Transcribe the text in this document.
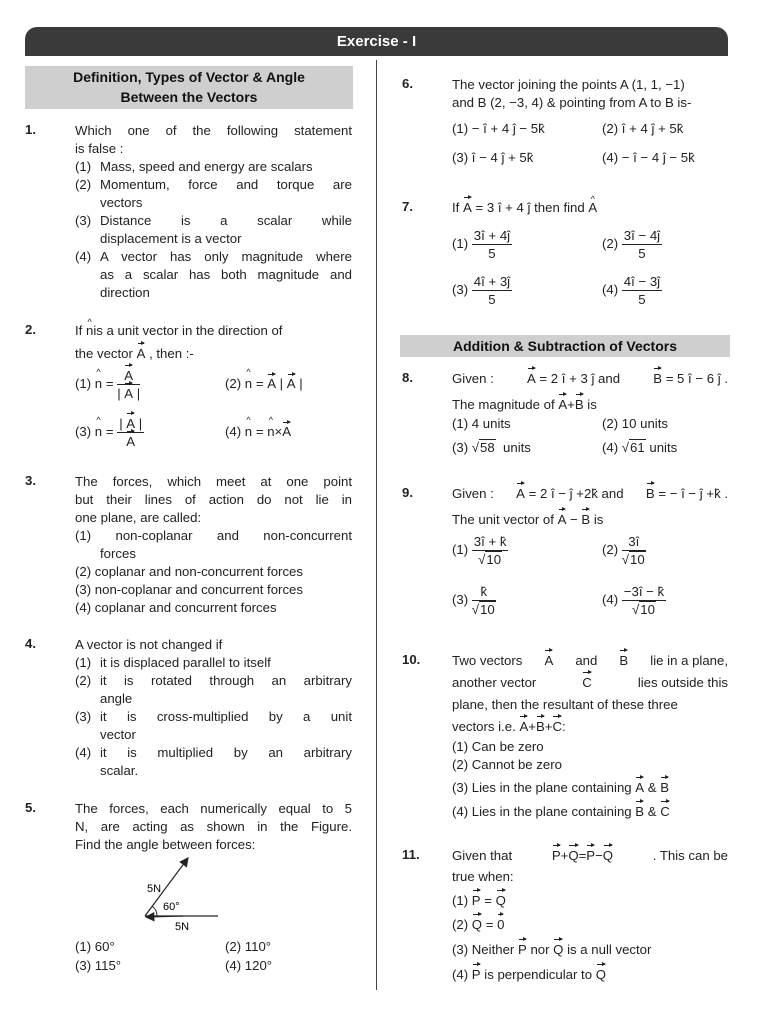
Exercise - I
Definition, Types of Vector & Angle
Between the Vectors
1.	Which one of the following statement
is false :
(1) Mass, speed and energy are scalars
(2) Momentum, force and torque are
vectors
(3) Distance is a scalar while
displacement is a vector
(4) A vector has only magnitude where
as a scalar has both magnitude and
direction
2.	If n ^is a unit vector in the direction of
the vector A , then :-
(1) n ^ = $\frac{A}{| A |}$	(2) n ^ = A | A |
(3) n ^ = $\frac{| A |}{A}$	(4) n ^ = n ^×A
3.	The forces, which meet at one point
but their lines of action do not lie in
one plane, are called:
(1) non-coplanar and non-concurrent
forces
(2) coplanar and non-concurrent forces
(3) non-coplanar and concurrent forces
(4) coplanar and concurrent forces
4.	A vector is not changed if
(1) it is displaced parallel to itself
(2) it is rotated through an arbitrary
angle
(3) it is cross-multiplied by a unit
vector
(4) it is multiplied by an arbitrary
scalar.
5.	The forces, each numerically equal to 5
N, are acting as shown in the Figure.
Find the angle between forces:
5N
60°
5N
(1) 60°	(2) 110°
(3) 115°	(4) 120°
6.	The vector joining the points A (1, 1, −1)
and B (2, −3, 4) & pointing from A to B is-
(1) − î + 4 ĵ − 5k̂	(2) î + 4 ĵ + 5k̂
(3) î − 4 ĵ + 5k̂	(4) − î − 4 ĵ − 5k̂
7.	If A = 3 î + 4 ĵ then find A ^
$(1) \frac{3î + 4ĵ}{5}$	$(2) \frac{3î - 4ĵ}{5}$
$(3) \frac{4î + 3ĵ}{5}$	$(4) \frac{4î - 3ĵ}{5}$
Addition & Subtraction of Vectors
8.	Given :	A = 2 î + 3 ĵ and	B = 5 î − 6 ĵ .
The magnitude of A+B is
(1) 4 units	(2) 10 units
(3) √58 units	(4) √61 units
9.	Given : A = 2 î − ĵ +2k̂ and B = − î − ĵ +k̂ .
The unit vector of A − B is
$(1) \frac{3î + k̂}{√10}$	$(2) \frac{3î}{√10}$
$(3) \frac{k̂}{√10}$	$(4) \frac{-3î - k̂}{√10}$
10. Two vectors A and B lie in a plane,
another vector	C	lies outside this
plane, then the resultant of these three
vectors i.e. A+B+C:
(1) Can be zero
(2) Cannot be zero
(3) Lies in the plane containing A & B
(4) Lies in the plane containing B & C
11. Given that	P+Q=P−Q	. This can be
true when:
(1) P = Q
(2) Q = 0
(3) Neither P nor Q is a null vector
(4) P is perpendicular to Q
